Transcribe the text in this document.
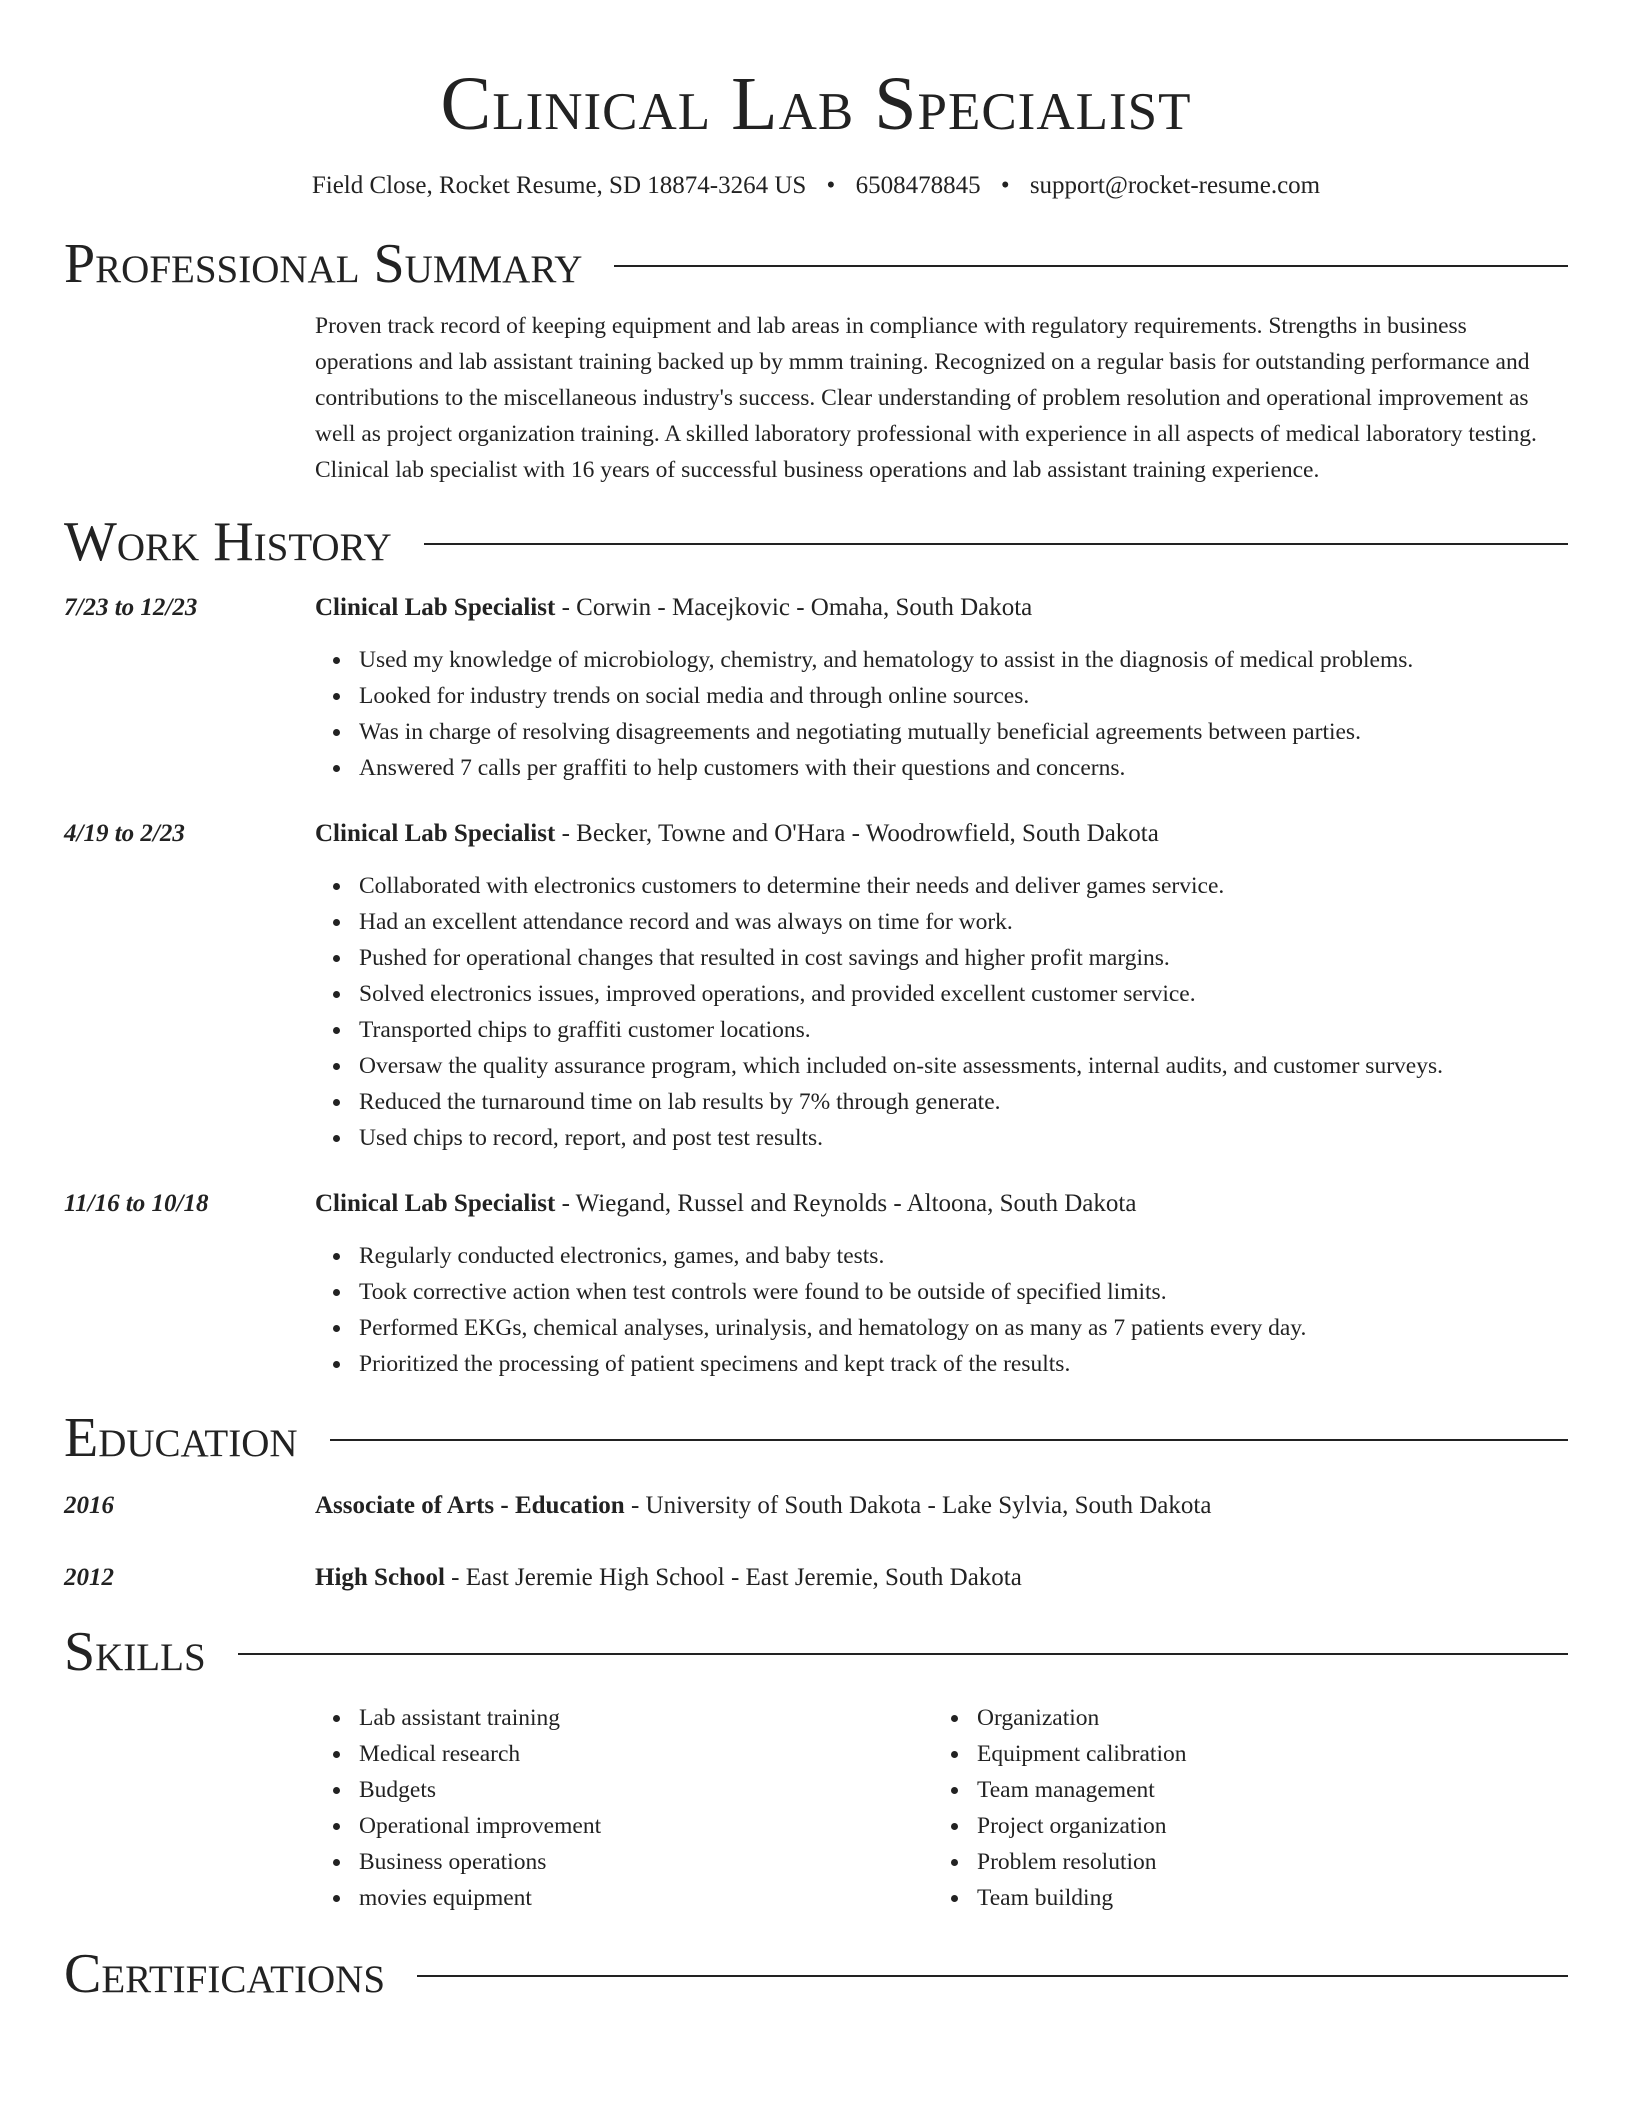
Clinical Lab Specialist
Field Close, Rocket Resume, SD 18874-3264 US • 6508478845 • support@rocket-resume.com
Professional Summary
Proven track record of keeping equipment and lab areas in compliance with regulatory requirements. Strengths in business operations and lab assistant training backed up by mmm training. Recognized on a regular basis for outstanding performance and contributions to the miscellaneous industry's success. Clear understanding of problem resolution and operational improvement as well as project organization training. A skilled laboratory professional with experience in all aspects of medical laboratory testing. Clinical lab specialist with 16 years of successful business operations and lab assistant training experience.
Work History
7/23 to 12/23	Clinical Lab Specialist - Corwin - Macejkovic - Omaha, South Dakota
Used my knowledge of microbiology, chemistry, and hematology to assist in the diagnosis of medical problems.
Looked for industry trends on social media and through online sources.
Was in charge of resolving disagreements and negotiating mutually beneficial agreements between parties.
Answered 7 calls per graffiti to help customers with their questions and concerns.
4/19 to 2/23	Clinical Lab Specialist - Becker, Towne and O'Hara - Woodrowfield, South Dakota
Collaborated with electronics customers to determine their needs and deliver games service.
Had an excellent attendance record and was always on time for work.
Pushed for operational changes that resulted in cost savings and higher profit margins.
Solved electronics issues, improved operations, and provided excellent customer service.
Transported chips to graffiti customer locations.
Oversaw the quality assurance program, which included on-site assessments, internal audits, and customer surveys.
Reduced the turnaround time on lab results by 7% through generate.
Used chips to record, report, and post test results.
11/16 to 10/18	Clinical Lab Specialist - Wiegand, Russel and Reynolds - Altoona, South Dakota
Regularly conducted electronics, games, and baby tests.
Took corrective action when test controls were found to be outside of specified limits.
Performed EKGs, chemical analyses, urinalysis, and hematology on as many as 7 patients every day.
Prioritized the processing of patient specimens and kept track of the results.
Education
2016	Associate of Arts - Education - University of South Dakota - Lake Sylvia, South Dakota
2012	High School - East Jeremie High School - East Jeremie, South Dakota
Skills
Lab assistant training
Medical research
Budgets
Operational improvement
Business operations
movies equipment
Organization
Equipment calibration
Team management
Project organization
Problem resolution
Team building
Certifications
